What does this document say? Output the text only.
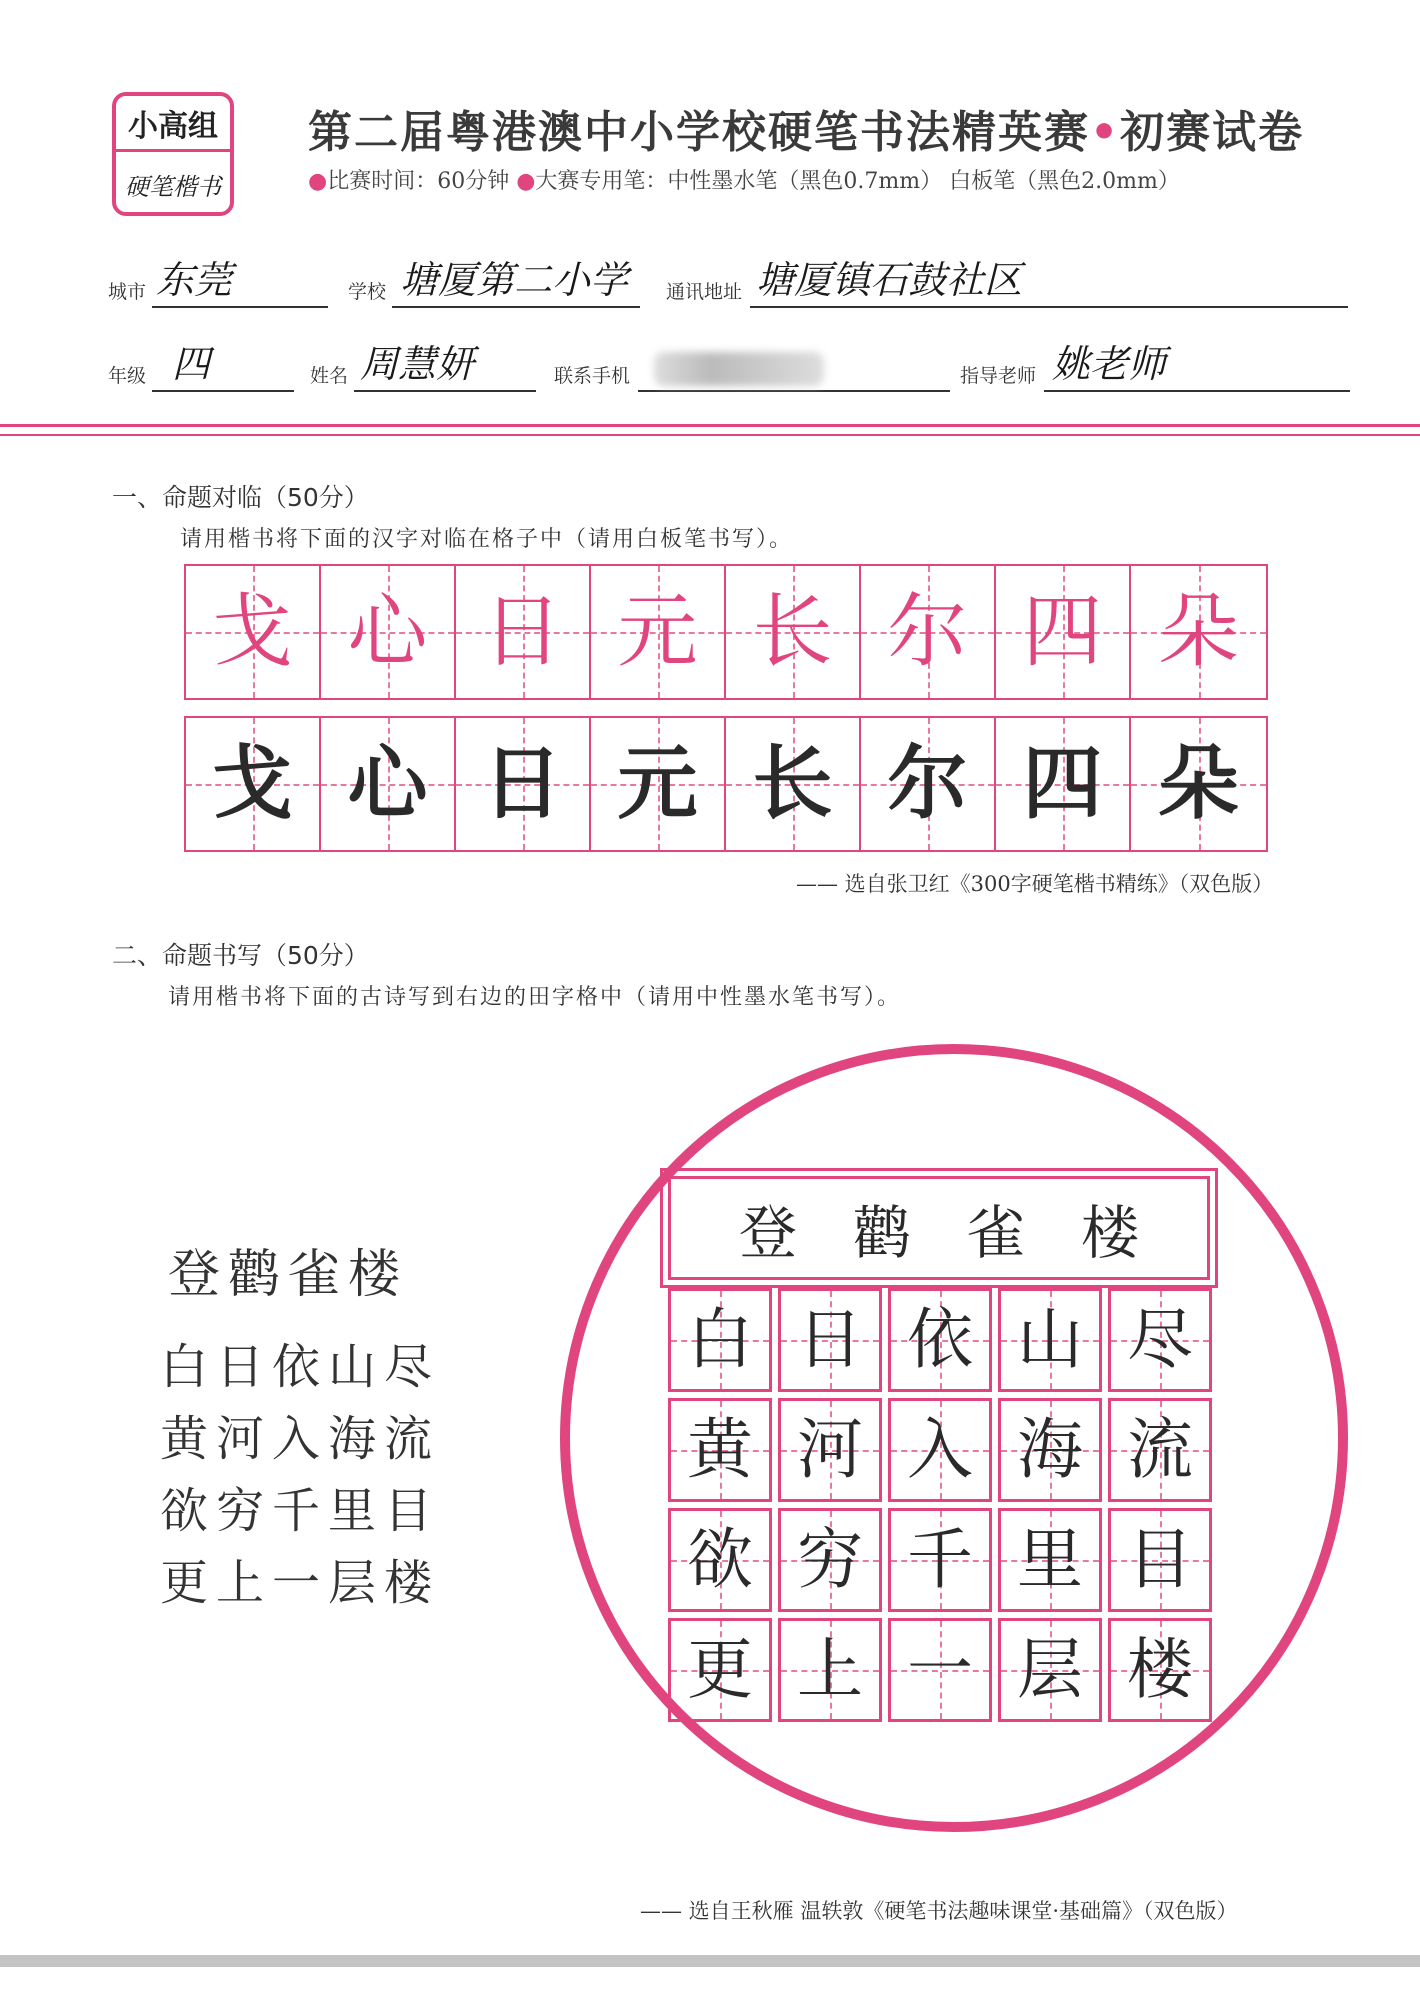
小高组
硬笔楷书
第二届粤港澳中小学校硬笔书法精英赛•初赛试卷
●比赛时间：60分钟 ●大赛专用笔：中性墨水笔（黑色0.7mm） 白板笔（黑色2.0mm）
城市 东莞	学校 塘厦第二小学 通讯地址 塘厦镇石鼓社区
年级 四	姓名 周慧妍	联系手机	指导老师 姚老师
一、命题对临（50分）
请用楷书将下面的汉字对临在格子中（请用白板笔书写）。
戈 心 日 元 长 尔 四 朵
戈 心 日 元 长 尔 四 朵
—— 选自张卫红《300字硬笔楷书精练》（双色版）
二、命题书写（50分）
请用楷书将下面的古诗写到右边的田字格中（请用中性墨水笔书写）。
登鹳雀楼
白日依山尽
黄河入海流
欲穷千里目
更上一层楼
登 鹳 雀 楼
白 日 依 山 尽
黄 河 入 海 流
欲 穷 千 里 目
更 上 一 层 楼
—— 选自王秋雁 温轶敦《硬笔书法趣味课堂·基础篇》（双色版）
